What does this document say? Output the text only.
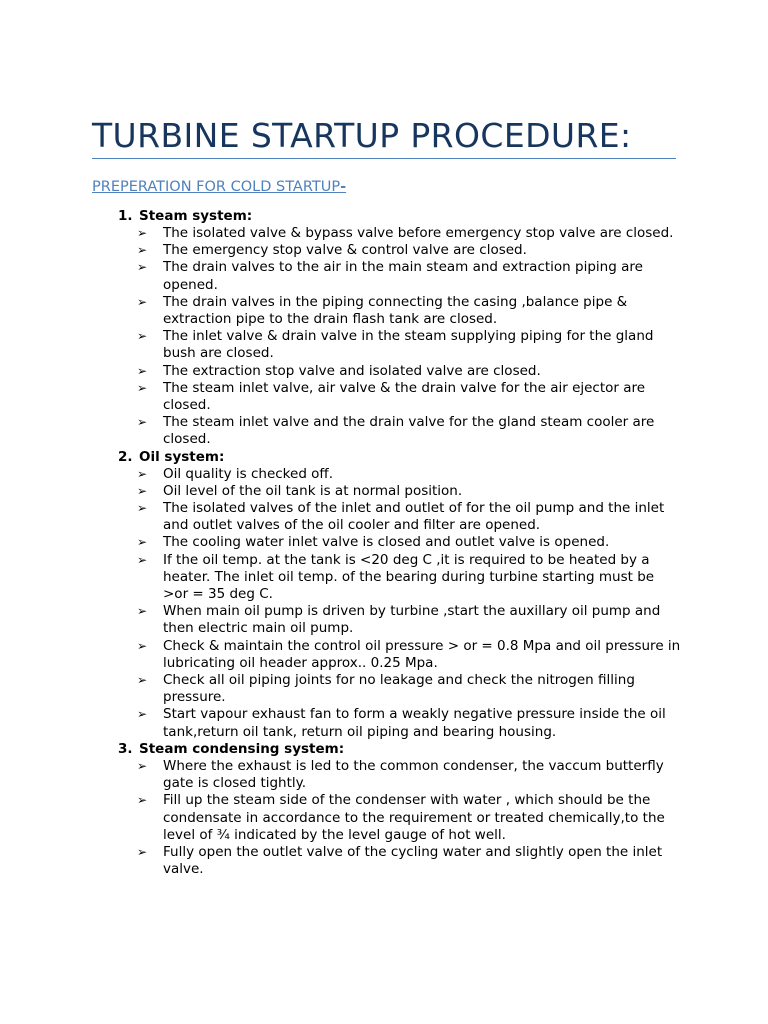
TURBINE STARTUP PROCEDURE:
PREPERATION FOR COLD STARTUP-
1. Steam system:
➢ The isolated valve & bypass valve before emergency stop valve are closed.
➢ The emergency stop valve & control valve are closed.
➢ The drain valves to the air in the main steam and extraction piping are opened.
➢ The drain valves in the piping connecting the casing ,balance pipe & extraction pipe to the drain flash tank are closed.
➢ The inlet valve & drain valve in the steam supplying piping for the gland bush are closed.
➢ The extraction stop valve and isolated valve are closed.
➢ The steam inlet valve, air valve & the drain valve for the air ejector are closed.
➢ The steam inlet valve and the drain valve for the gland steam cooler are closed.
2. Oil system:
➢ Oil quality is checked off.
➢ Oil level of the oil tank is at normal position.
➢ The isolated valves of the inlet and outlet of for the oil pump and the inlet and outlet valves of the oil cooler and filter are opened.
➢ The cooling water inlet valve is closed and outlet valve is opened.
➢ If the oil temp. at the tank is <20 deg C ,it is required to be heated by a heater. The inlet oil temp. of the bearing during turbine starting must be            >or = 35 deg C.
➢ When main oil pump is driven by turbine ,start the auxillary oil pump and then electric main oil pump.
➢ Check & maintain the control oil pressure > or = 0.8 Mpa and oil pressure in lubricating oil header approx.. 0.25 Mpa.
➢ Check all oil piping joints for no leakage and check the nitrogen filling pressure.
➢ Start vapour exhaust fan to form a weakly negative pressure inside the oil tank,return oil tank, return oil piping and bearing housing.
3. Steam condensing system:
➢ Where the exhaust is led to the common condenser, the vaccum butterfly gate is closed tightly.
➢ Fill up the steam side of the condenser with water , which should be the condensate in accordance to the requirement or treated chemically,to the level of ¾ indicated by the level gauge of hot well.
➢ Fully open the outlet valve of the cycling water and slightly open the inlet valve.
